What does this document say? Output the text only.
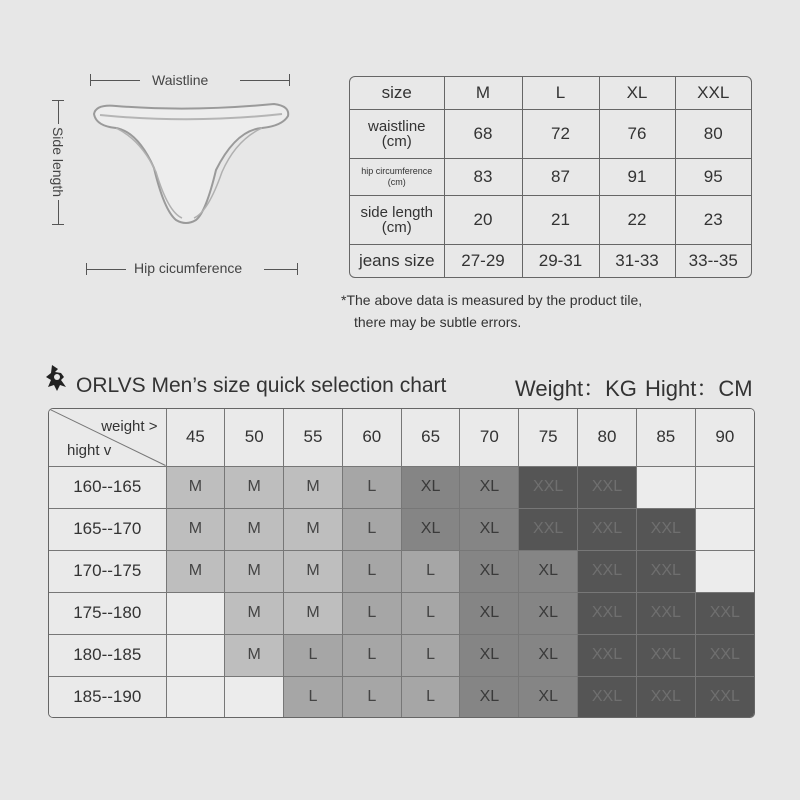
Waistline
Side length
Hip cicumference
size	M	L	XL	XXL
waistline
(cm)	68	72	76	80
hip circumference
(cm)	83	87	91	95
side length
(cm)	20	21	22	23
jeans size	27-29	29-31	31-33	33--35
*The above data is measured by the product tile,
there may be subtle errors.
ORLVS Men’s size quick selection chart	Weight：KG Hight：CM
weight >
hight v	45	50	55	60	65	70	75	80	85	90
160--165	M	M	M	L	XL	XL	XXL	XXL		
165--170	M	M	M	L	XL	XL	XXL	XXL	XXL	
170--175	M	M	M	L	L	XL	XL	XXL	XXL	
175--180		M	M	L	L	XL	XL	XXL	XXL	XXL
180--185		M	L	L	L	XL	XL	XXL	XXL	XXL
185--190			L	L	L	XL	XL	XXL	XXL	XXL
